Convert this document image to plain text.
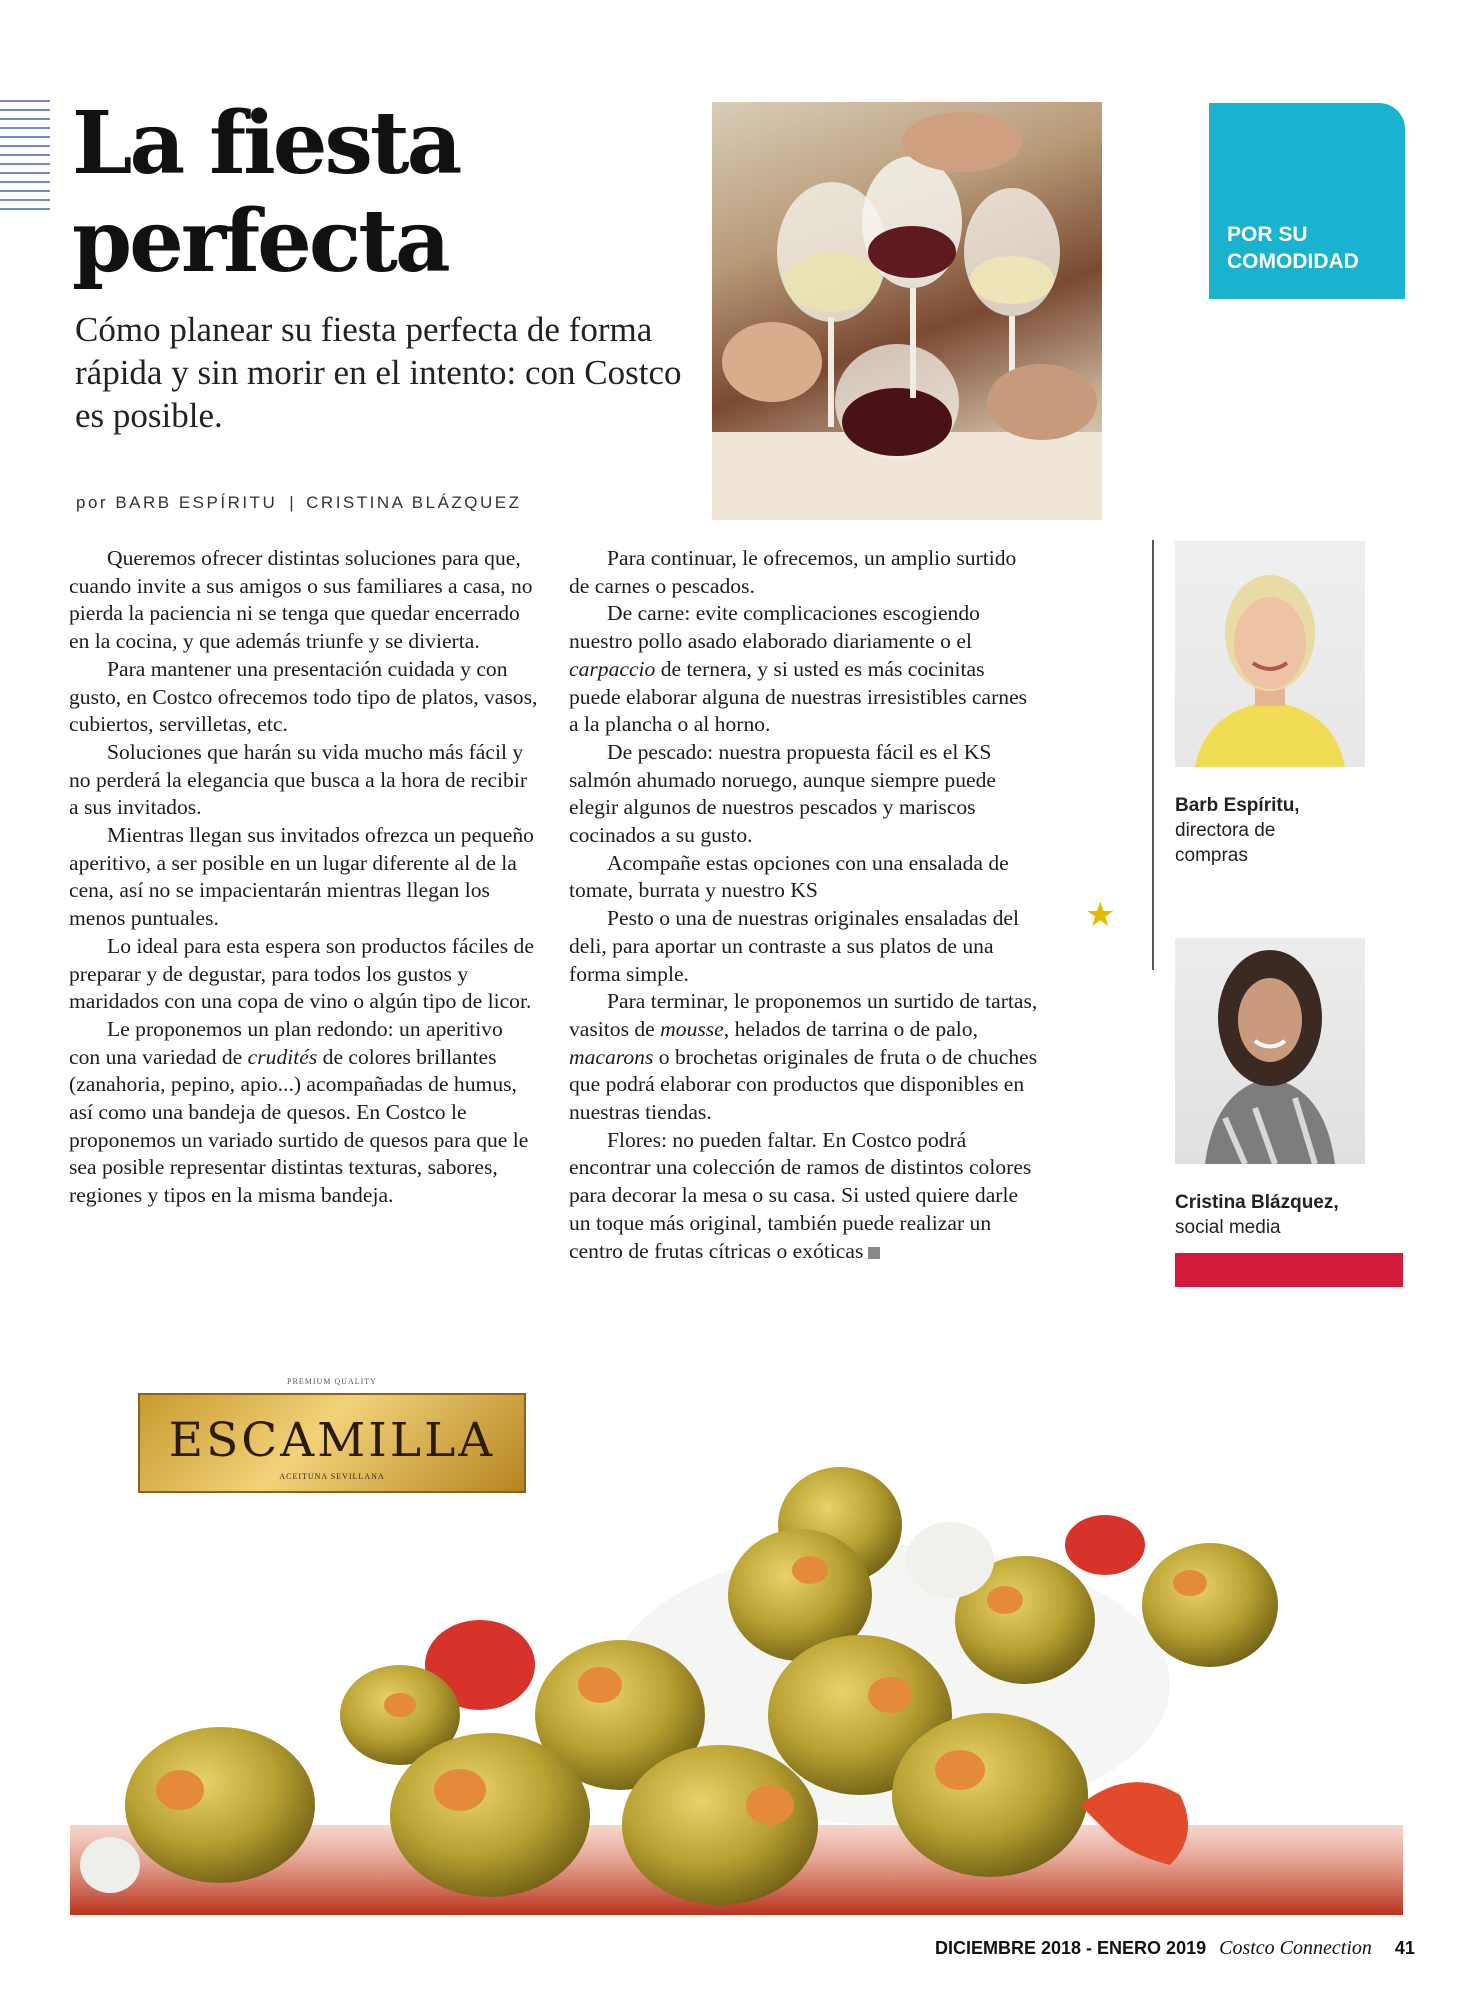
La fiesta
perfecta

Cómo planear su fiesta perfecta de forma rápida y sin morir en el intento: con Costco es posible.

por BARB ESPÍRITU | CRISTINA BLÁZQUEZ
POR SU
COMODIDAD

Queremos ofrecer distintas soluciones para que, cuando invite a sus amigos o sus familiares a casa, no pierda la paciencia ni se tenga que quedar encerrado en la cocina, y que además triunfe y se divierta.

Para mantener una presentación cuidada y con gusto, en Costco ofrecemos todo tipo de platos, vasos, cubiertos, servilletas, etc.

Soluciones que harán su vida mucho más fácil y no perderá la elegancia que busca a la hora de recibir a sus invitados.

Mientras llegan sus invitados ofrezca un pequeño aperitivo, a ser posible en un lugar diferente al de la cena, así no se impacientarán mientras llegan los menos puntuales.

Lo ideal para esta espera son productos fáciles de preparar y de degustar, para todos los gustos y maridados con una copa de vino o algún tipo de licor.

Le proponemos un plan redondo: un aperitivo con una variedad de crudités de colores brillantes (zanahoria, pepino, apio...) acompañadas de humus, así como una bandeja de quesos. En Costco le proponemos un variado surtido de quesos para que le sea posible representar distintas texturas, sabores, regiones y tipos en la misma bandeja.

Para continuar, le ofrecemos, un amplio surtido de carnes o pescados.

De carne: evite complicaciones escogiendo nuestro pollo asado elaborado diariamente o el carpaccio de ternera, y si usted es más cocinitas puede elaborar alguna de nuestras irresistibles carnes a la plancha o al horno.

De pescado: nuestra propuesta fácil es el KS salmón ahumado noruego, aunque siempre puede elegir algunos de nuestros pescados y mariscos cocinados a su gusto.

Acompañe estas opciones con una ensalada de tomate, burrata y nuestro KS

Pesto o una de nuestras originales ensaladas del deli, para aportar un contraste a sus platos de una forma simple.

Para terminar, le proponemos un surtido de tartas, vasitos de mousse, helados de tarrina o de palo, macarons o brochetas originales de fruta o de chuches que podrá elaborar con productos que disponibles en nuestras tiendas.

Flores: no pueden faltar. En Costco podrá encontrar una colección de ramos de distintos colores para decorar la mesa o su casa. Si usted quiere darle un toque más original, también puede realizar un centro de frutas cítricas o exóticas

★
Barb Espíritu,
directora de
compras
Cristina Blázquez,
social media
PREMIUM QUALITY
ESCAMILLA
ACEITUNA SEVILLANA
DICIEMBRE 2018 - ENERO 2019 Costco Connection 41
